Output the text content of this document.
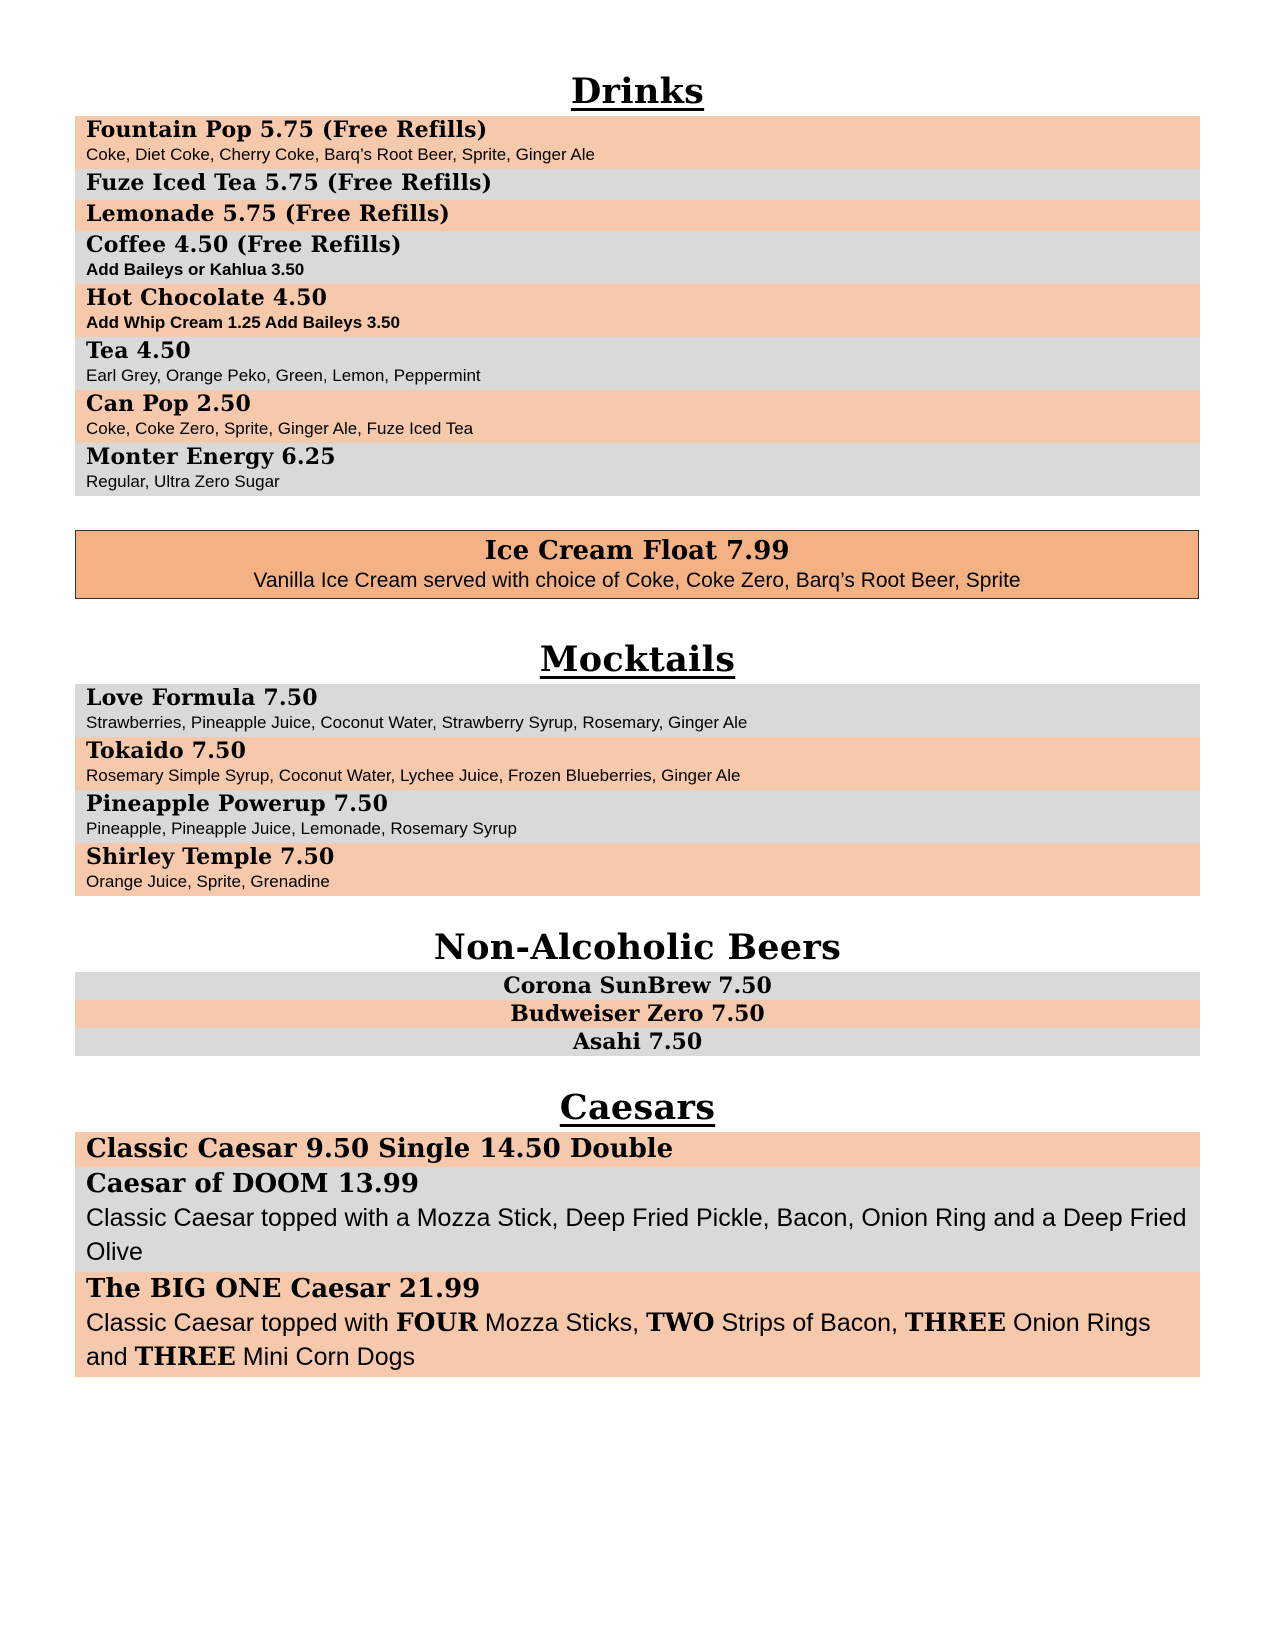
Drinks
Fountain Pop 5.75 (Free Refills)
Coke, Diet Coke, Cherry Coke, Barq’s Root Beer, Sprite, Ginger Ale
Fuze Iced Tea 5.75 (Free Refills)
Lemonade 5.75 (Free Refills)
Coffee 4.50 (Free Refills)
Add Baileys or Kahlua 3.50
Hot Chocolate 4.50
Add Whip Cream 1.25 Add Baileys 3.50
Tea 4.50
Earl Grey, Orange Peko, Green, Lemon, Peppermint
Can Pop 2.50
Coke, Coke Zero, Sprite, Ginger Ale, Fuze Iced Tea
Monter Energy 6.25
Regular, Ultra Zero Sugar
Ice Cream Float 7.99
Vanilla Ice Cream served with choice of Coke, Coke Zero, Barq’s Root Beer, Sprite
Mocktails
Love Formula 7.50
Strawberries, Pineapple Juice, Coconut Water, Strawberry Syrup, Rosemary, Ginger Ale
Tokaido 7.50
Rosemary Simple Syrup, Coconut Water, Lychee Juice, Frozen Blueberries, Ginger Ale
Pineapple Powerup 7.50
Pineapple, Pineapple Juice, Lemonade, Rosemary Syrup
Shirley Temple 7.50
Orange Juice, Sprite, Grenadine
Non-Alcoholic Beers
Corona SunBrew 7.50
Budweiser Zero 7.50
Asahi 7.50
Caesars
Classic Caesar 9.50 Single 14.50 Double
Caesar of DOOM 13.99
Classic Caesar topped with a Mozza Stick, Deep Fried Pickle, Bacon, Onion Ring and a Deep Fried Olive
The BIG ONE Caesar 21.99
Classic Caesar topped with FOUR Mozza Sticks, TWO Strips of Bacon, THREE Onion Rings and THREE Mini Corn Dogs
